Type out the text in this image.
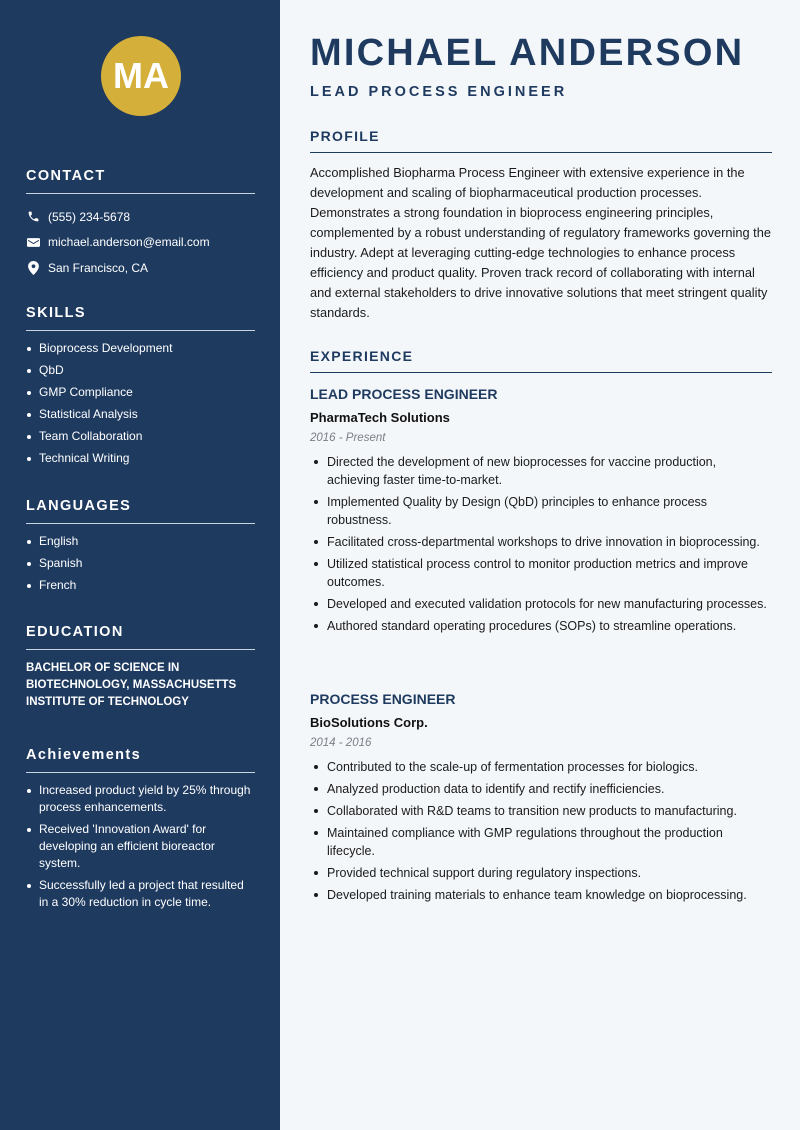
MA
CONTACT
(555) 234-5678
michael.anderson@email.com
San Francisco, CA
SKILLS
Bioprocess Development
QbD
GMP Compliance
Statistical Analysis
Team Collaboration
Technical Writing
LANGUAGES
English
Spanish
French
EDUCATION

BACHELOR OF SCIENCE IN BIOTECHNOLOGY, MASSACHUSETTS INSTITUTE OF TECHNOLOGY

Achievements
Increased product yield by 25% through process enhancements.
Received 'Innovation Award' for developing an efficient bioreactor system.
Successfully led a project that resulted in a 30% reduction in cycle time.
MICHAEL ANDERSON
LEAD PROCESS ENGINEER
PROFILE

Accomplished Biopharma Process Engineer with extensive experience in the development and scaling of biopharmaceutical production processes. Demonstrates a strong foundation in bioprocess engineering principles, complemented by a robust understanding of regulatory frameworks governing the industry. Adept at leveraging cutting-edge technologies to enhance process efficiency and product quality. Proven track record of collaborating with internal and external stakeholders to drive innovative solutions that meet stringent quality standards.

EXPERIENCE
LEAD PROCESS ENGINEER
PharmaTech Solutions
2016 - Present
Directed the development of new bioprocesses for vaccine production, achieving faster time-to-market.
Implemented Quality by Design (QbD) principles to enhance process robustness.
Facilitated cross-departmental workshops to drive innovation in bioprocessing.
Utilized statistical process control to monitor production metrics and improve outcomes.
Developed and executed validation protocols for new manufacturing processes.
Authored standard operating procedures (SOPs) to streamline operations.
PROCESS ENGINEER
BioSolutions Corp.
2014 - 2016
Contributed to the scale-up of fermentation processes for biologics.
Analyzed production data to identify and rectify inefficiencies.
Collaborated with R&D teams to transition new products to manufacturing.
Maintained compliance with GMP regulations throughout the production lifecycle.
Provided technical support during regulatory inspections.
Developed training materials to enhance team knowledge on bioprocessing.
